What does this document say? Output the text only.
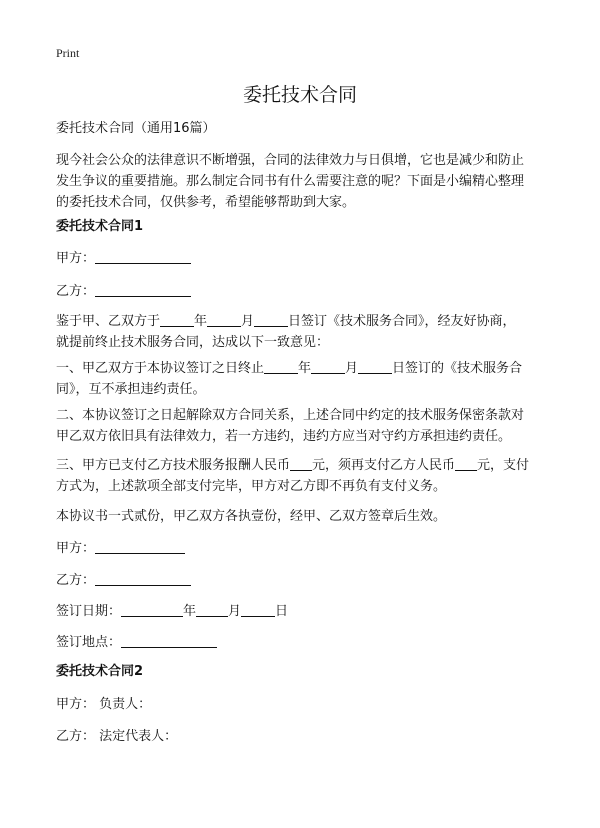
Print
委托技术合同

委托技术合同（通用16篇）

现今社会公众的法律意识不断增强，合同的法律效力与日俱增，它也是减少和防止

发生争议的重要措施。那么制定合同书有什么需要注意的呢？下面是小编精心整理

的委托技术合同，仅供参考，希望能够帮助到大家。

委托技术合同1

甲方：

乙方：

鉴于甲、乙双方于	年	月	日签订《技术服务合同》，经友好协商，

就提前终止技术服务合同，达成以下一致意见：

一、甲乙双方于本协议签订之日终止	年	月	日签订的《技术服务合

同》，互不承担违约责任。

二、本协议签订之日起解除双方合同关系，上述合同中约定的技术服务保密条款对

甲乙双方依旧具有法律效力，若一方违约，违约方应当对守约方承担违约责任。

三、甲方已支付乙方技术服务报酬人民币 元，须再支付乙方人民币 元，支付

方式为，上述款项全部支付完毕，甲方对乙方即不再负有支付义务。

本协议书一式贰份，甲乙双方各执壹份，经甲、乙双方签章后生效。

甲方：

乙方：

签订日期：	年 月	日

签订地点：

委托技术合同2

甲方： 负责人：

乙方： 法定代表人：
